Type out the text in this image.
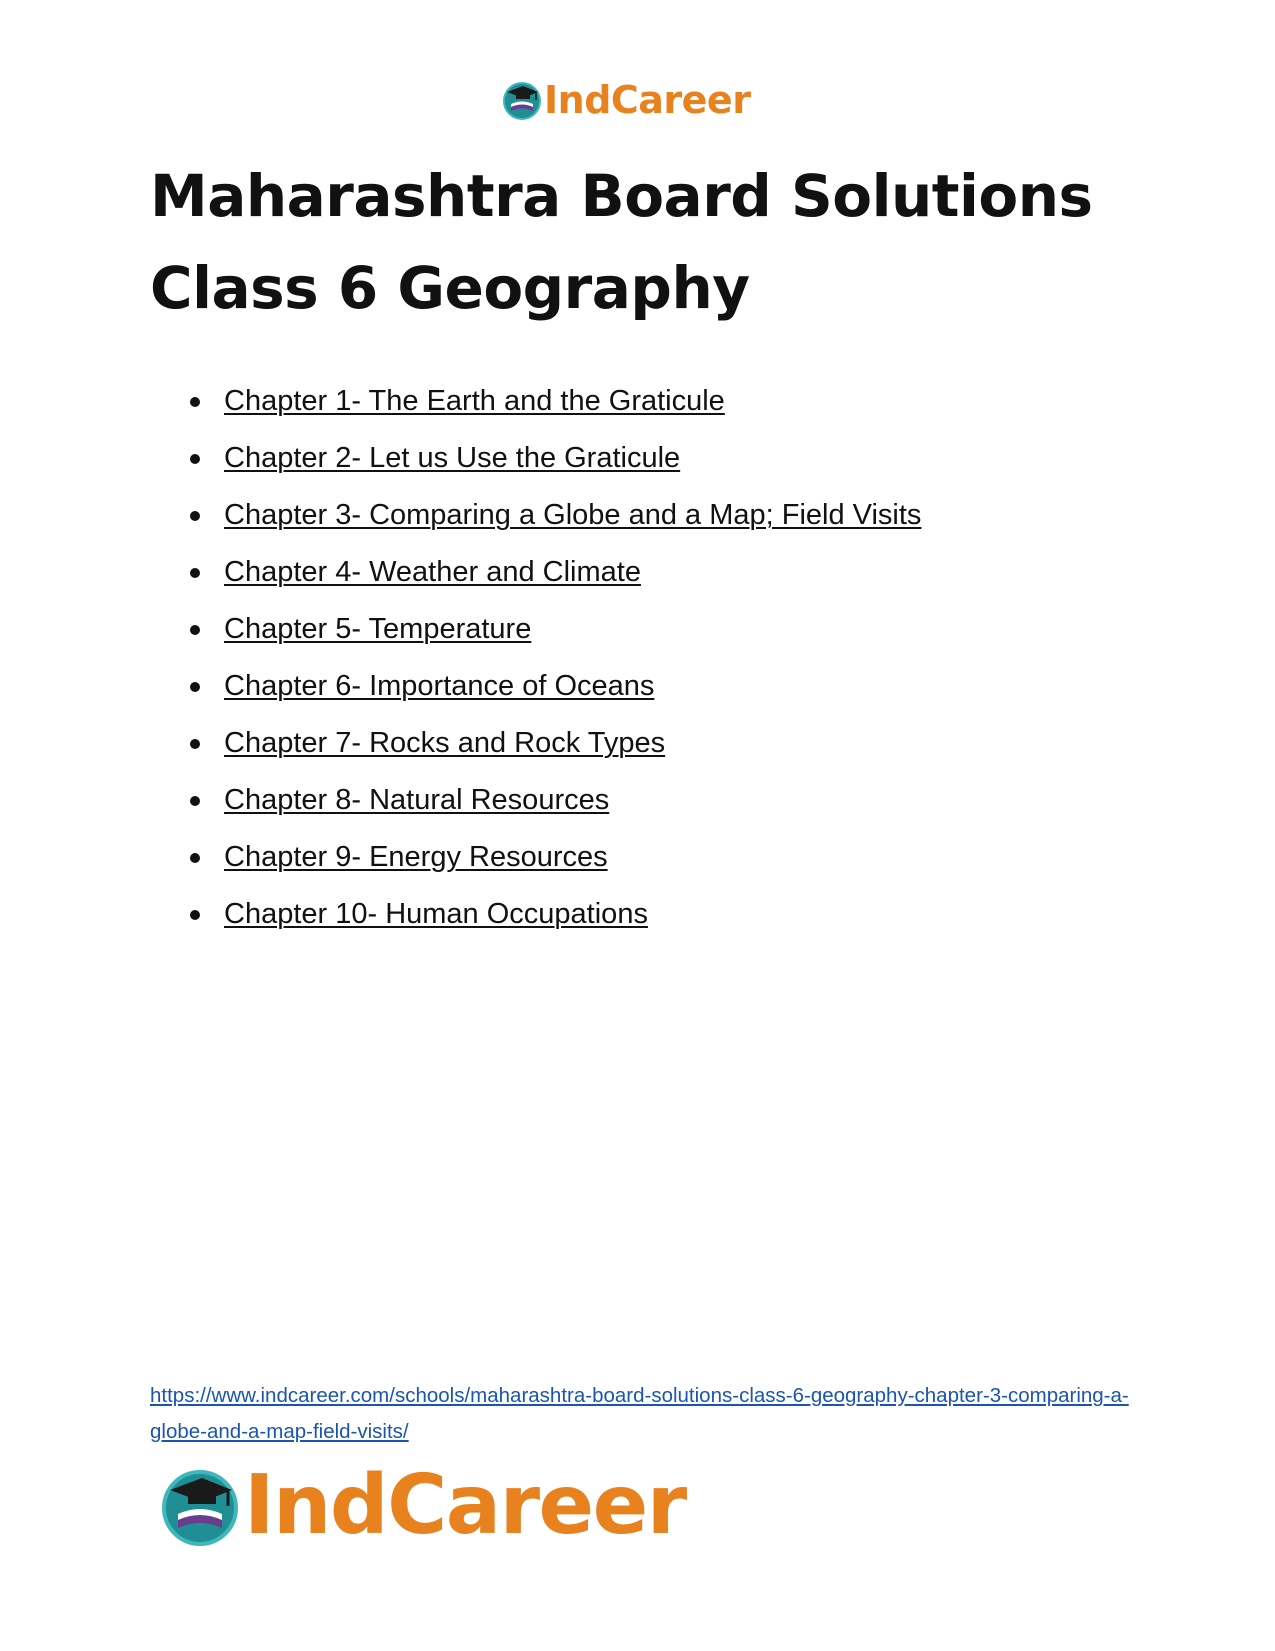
IndCareer
Maharashtra Board Solutions
Class 6 Geography
Chapter 1- The Earth and the Graticule
Chapter 2- Let us Use the Graticule
Chapter 3- Comparing a Globe and a Map; Field Visits
Chapter 4- Weather and Climate
Chapter 5- Temperature
Chapter 6- Importance of Oceans
Chapter 7- Rocks and Rock Types
Chapter 8- Natural Resources
Chapter 9- Energy Resources
Chapter 10- Human Occupations
https://www.indcareer.com/schools/maharashtra-board-solutions-class-6-geography-chapter-3-comparing-a-globe-and-a-map-field-visits/
IndCareer
